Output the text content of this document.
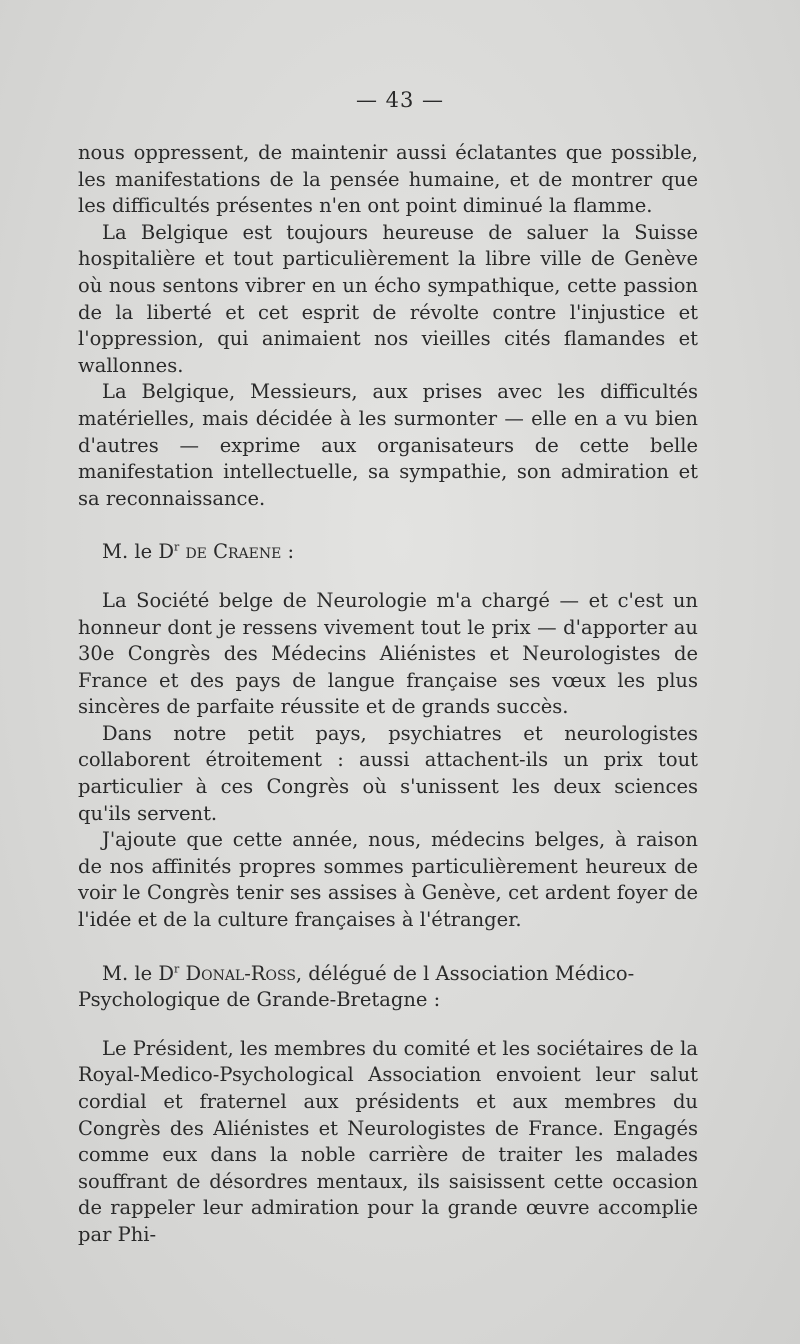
— 43 —

nous oppressent, de maintenir aussi éclatantes que possible, les manifestations de la pensée humaine, et de montrer que les difficultés présentes n'en ont point diminué la flamme.

La Belgique est toujours heureuse de saluer la Suisse hospitalière et tout particulièrement la libre ville de Genève où nous sentons vibrer en un écho sympathique, cette passion de la liberté et cet esprit de révolte contre l'injustice et l'oppression, qui animaient nos vieilles cités flamandes et wallonnes.

La Belgique, Messieurs, aux prises avec les difficultés matérielles, mais décidée à les surmonter — elle en a vu bien d'autres — exprime aux organisateurs de cette belle manifestation intellectuelle, sa sympathie, son admiration et sa reconnaissance.

M. le $D^r$ de Craene :

La Société belge de Neurologie m'a chargé — et c'est un honneur dont je ressens vivement tout le prix — d'apporter au 30e Congrès des Médecins Aliénistes et Neurologistes de France et des pays de langue française ses vœux les plus sincères de parfaite réussite et de grands succès.

Dans notre petit pays, psychiatres et neurologistes collaborent étroitement : aussi attachent-ils un prix tout particulier à ces Congrès où s'unissent les deux sciences qu'ils servent.

J'ajoute que cette année, nous, médecins belges, à raison de nos affinités propres sommes particulièrement heureux de voir le Congrès tenir ses assises à Genève, cet ardent foyer de l'idée et de la culture françaises à l'étranger.

M. le $D^r$ Donal-Ross, délégué de l Association Médico-Psychologique de Grande-Bretagne :

Le Président, les membres du comité et les sociétaires de la Royal-Medico-Psychological Association envoient leur salut cordial et fraternel aux présidents et aux membres du Congrès des Aliénistes et Neurologistes de France. Engagés comme eux dans la noble carrière de traiter les malades souffrant de désordres mentaux, ils saisissent cette occasion de rappeler leur admiration pour la grande œuvre accomplie par Phi-
